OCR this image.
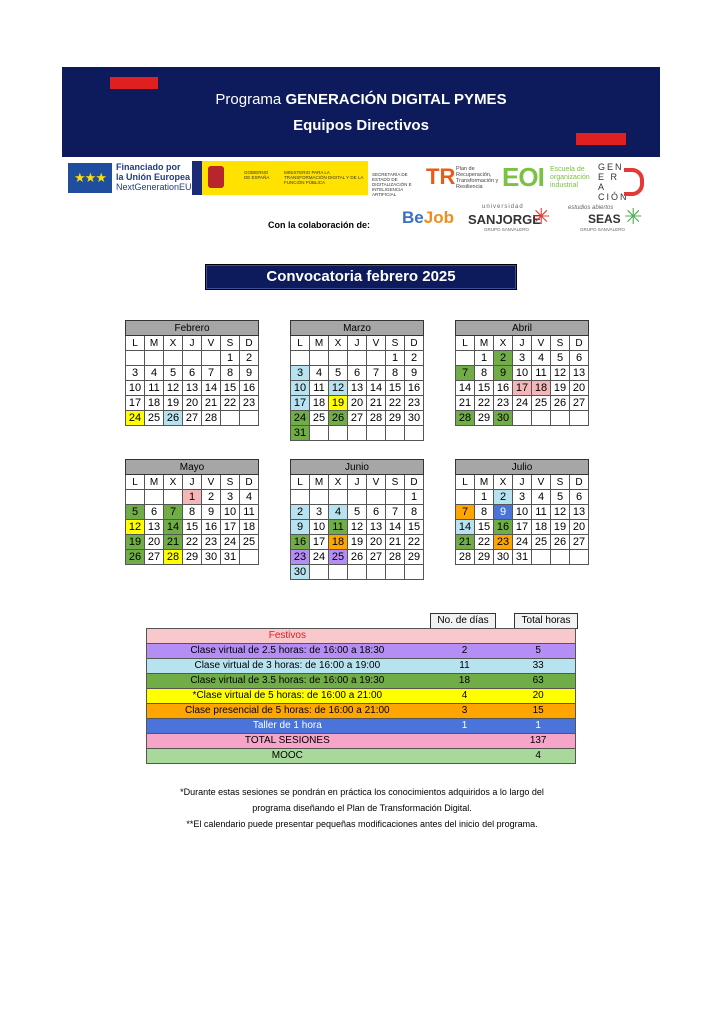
Programa GENERACIÓN DIGITAL PYMES
Equipos Directivos
★★★
Financiado por
la Unión Europea
NextGenerationEU
GOBIERNO DE ESPAÑA
MINISTERIO PARA LA TRANSFORMACIÓN DIGITAL Y DE LA FUNCIÓN PÚBLICA
SECRETARÍA DE ESTADO DE DIGITALIZACIÓN E INTELIGENCIA ARTIFICIAL
TR Plan de Recuperación, Transformación y Resiliencia EOI Escuela de organización industrial
GEN E R A CIÓN
Con la colaboración de: BeJob
universidad
SANJORGE
GRUPO SANVALERO
✳	estudios abiertos
SEAS
GRUPO SANVALERO
✳
Convocatoria febrero 2025
Febrero						
L	M	X	J	V	S	D
					1	2
3	4	5	6	7	8	9
10	11	12	13	14	15	16
17	18	19	20	21	22	23
24	25	26	27	28		
Marzo						
L	M	X	J	V	S	D
					1	2
3	4	5	6	7	8	9
10	11	12	13	14	15	16
17	18	19	20	21	22	23
24	25	26	27	28	29	30
31						
Abril						
L	M	X	J	V	S	D
	1	2	3	4	5	6
7	8	9	10	11	12	13
14	15	16	17	18	19	20
21	22	23	24	25	26	27
28	29	30				
Mayo						
L	M	X	J	V	S	D
			1	2	3	4
5	6	7	8	9	10	11
12	13	14	15	16	17	18
19	20	21	22	23	24	25
26	27	28	29	30	31	
Junio						
L	M	X	J	V	S	D
						1
2	3	4	5	6	7	8
9	10	11	12	13	14	15
16	17	18	19	20	21	22
23	24	25	26	27	28	29
30						
Julio						
L	M	X	J	V	S	D
	1	2	3	4	5	6
7	8	9	10	11	12	13
14	15	16	17	18	19	20
21	22	23	24	25	26	27
28	29	30	31			
No. de días	Total horas
Festivos		
Clase virtual de 2.5 horas: de 16:00 a 18:30	2	5
Clase virtual de 3 horas: de 16:00 a 19:00	11	33
Clase virtual de 3.5 horas: de 16:00 a 19:30	18	63
*Clase virtual de 5 horas: de 16:00 a 21:00	4	20
Clase presencial de 5 horas: de 16:00 a 21:00	3	15
Taller de 1 hora	1	1
TOTAL SESIONES		137
MOOC		4
*Durante estas sesiones se pondrán en práctica los conocimientos adquiridos a lo largo del
programa diseñando el Plan de Transformación Digital.
**El calendario puede presentar pequeñas modificaciones antes del inicio del programa.
